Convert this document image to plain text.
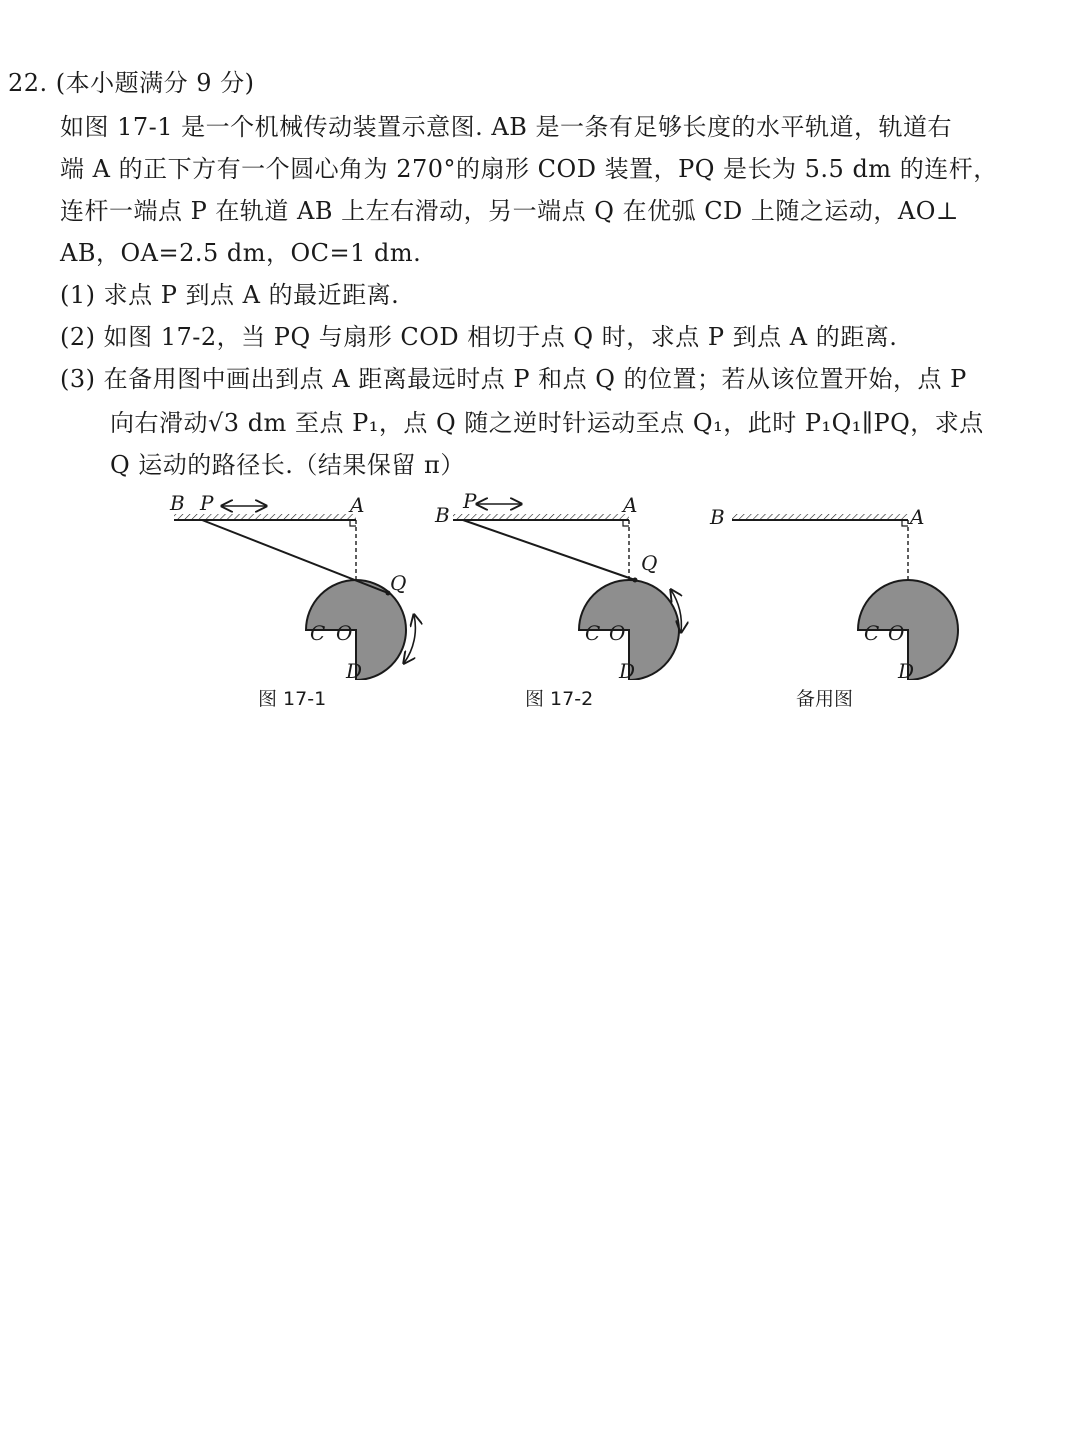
22. (本小题满分 9 分)
如图 17-1 是一个机械传动装置示意图. AB 是一条有足够长度的水平轨道，轨道右
端 A 的正下方有一个圆心角为 270°的扇形 COD 装置，PQ 是长为 5.5 dm 的连杆，
连杆一端点 P 在轨道 AB 上左右滑动，另一端点 Q 在优弧 CD 上随之运动，AO⊥
AB，OA=2.5 dm，OC=1 dm.
(1) 求点 P 到点 A 的最近距离.
(2) 如图 17-2，当 PQ 与扇形 COD 相切于点 Q 时，求点 P 到点 A 的距离.
(3) 在备用图中画出到点 A 距离最远时点 P 和点 Q 的位置；若从该位置开始，点 P
向右滑动√3 dm 至点 P₁，点 Q 随之逆时针运动至点 Q₁，此时 P₁Q₁∥PQ，求点
Q 运动的路径长.（结果保留 π）
B P	A
Q
C O
D
图 17-1
B
P	A
Q
C O
D
图 17-2
B	A
C O
D
备用图
